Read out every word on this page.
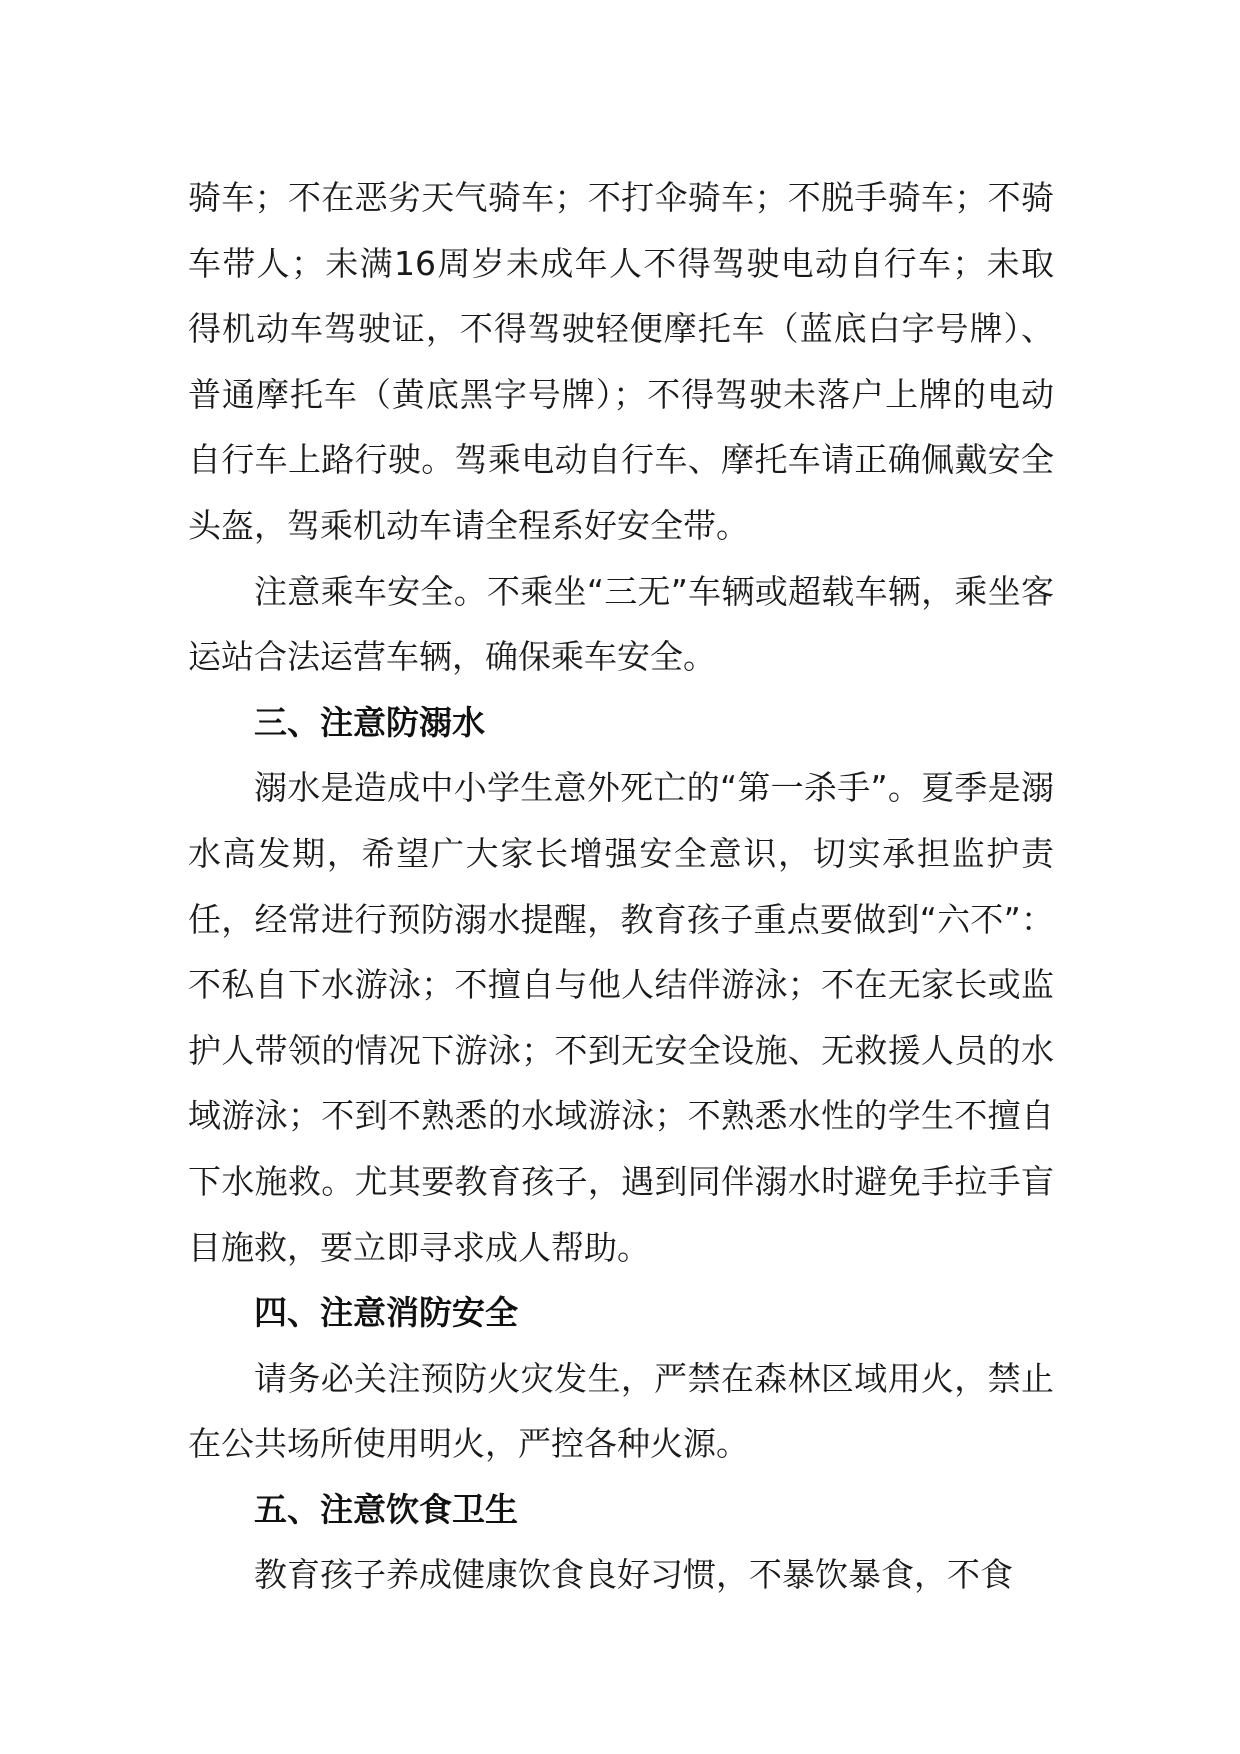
骑车；不在恶劣天气骑车；不打伞骑车；不脱手骑车；不骑车带人；未满16周岁未成年人不得驾驶电动自行车；未取得机动车驾驶证，不得驾驶轻便摩托车（蓝底白字号牌）、普通摩托车（黄底黑字号牌）；不得驾驶未落户上牌的电动自行车上路行驶。驾乘电动自行车、摩托车请正确佩戴安全头盔，驾乘机动车请全程系好安全带。

注意乘车安全。不乘坐“三无”车辆或超载车辆，乘坐客运站合法运营车辆，确保乘车安全。

三、注意防溺水

溺水是造成中小学生意外死亡的“第一杀手”。夏季是溺水高发期，希望广大家长增强安全意识，切实承担监护责任，经常进行预防溺水提醒，教育孩子重点要做到“六不”：不私自下水游泳；不擅自与他人结伴游泳；不在无家长或监护人带领的情况下游泳；不到无安全设施、无救援人员的水域游泳；不到不熟悉的水域游泳；不熟悉水性的学生不擅自下水施救。尤其要教育孩子，遇到同伴溺水时避免手拉手盲目施救，要立即寻求成人帮助。

四、注意消防安全

请务必关注预防火灾发生，严禁在森林区域用火，禁止在公共场所使用明火，严控各种火源。

五、注意饮食卫生

教育孩子养成健康饮食良好习惯，不暴饮暴食，不食
